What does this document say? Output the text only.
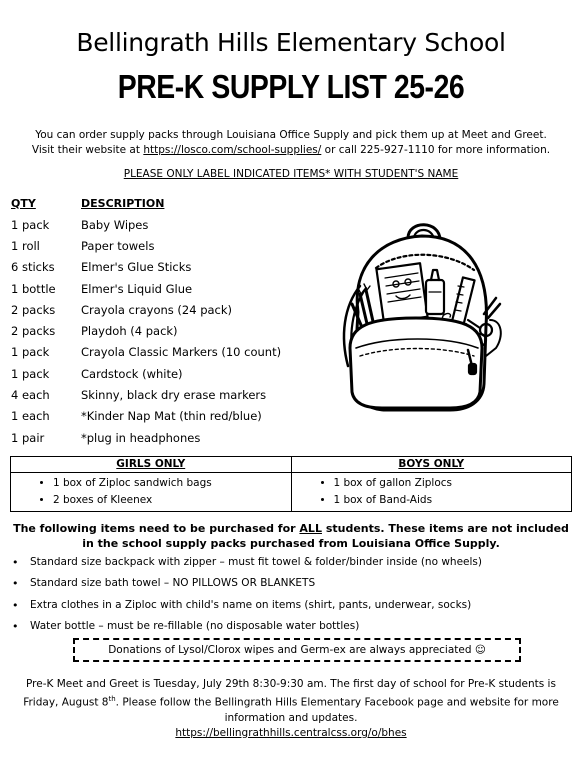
Bellingrath Hills Elementary School
PRE-K SUPPLY LIST 25-26
You can order supply packs through Louisiana Office Supply and pick them up at Meet and Greet.
Visit their website at https://losco.com/school-supplies/ or call 225-927-1110 for more information.
PLEASE ONLY LABEL INDICATED ITEMS* WITH STUDENT'S NAME
QTY	DESCRIPTION
1 pack	Baby Wipes
1 roll	Paper towels
6 sticks	Elmer's Glue Sticks
1 bottle	Elmer's Liquid Glue
2 packs	Crayola crayons (24 pack)
2 packs	Playdoh (4 pack)
1 pack	Crayola Classic Markers (10 count)
1 pack	Cardstock (white)
4 each	Skinny, black dry erase markers
1 each	*Kinder Nap Mat (thin red/blue)
1 pair	*plug in headphones
GIRLS ONLY
• 1 box of Ziploc sandwich bags
• 2 boxes of Kleenex
BOYS ONLY
• 1 box of gallon Ziplocs
• 1 box of Band-Aids
The following items need to be purchased for ALL students. These items are not included in the school supply packs purchased from Louisiana Office Supply.
• Standard size backpack with zipper – must fit towel & folder/binder inside (no wheels)
• Standard size bath towel – NO PILLOWS OR BLANKETS
• Extra clothes in a Ziploc with child's name on items (shirt, pants, underwear, socks)
• Water bottle – must be re-fillable (no disposable water bottles)
Donations of Lysol/Clorox wipes and Germ-ex are always appreciated ☺
Pre-K Meet and Greet is Tuesday, July 29th 8:30-9:30 am. The first day of school for Pre-K students is Friday, August 8th. Please follow the Bellingrath Hills Elementary Facebook page and website for more information and updates.
https://bellingrathhills.centralcss.org/o/bhes
